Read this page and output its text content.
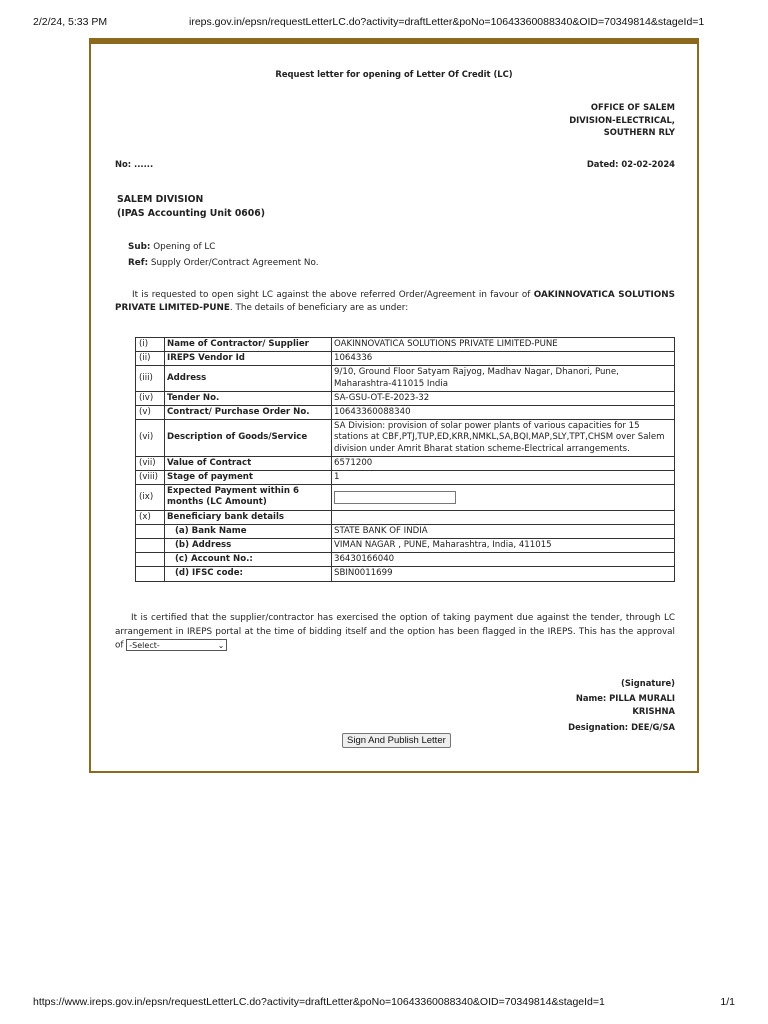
2/2/24, 5:33 PM	ireps.gov.in/epsn/requestLetterLC.do?activity=draftLetter&poNo=10643360088340&OID=70349814&stageId=1
Request letter for opening of Letter Of Credit (LC)
OFFICE OF SALEM
DIVISION-ELECTRICAL,
SOUTHERN RLY
No: ......	Dated: 02-02-2024
SALEM DIVISION
(IPAS Accounting Unit 0606)
Sub: Opening of LC
Ref: Supply Order/Contract Agreement No.
It is requested to open sight LC against the above referred Order/Agreement in favour of OAKINNOVATICA SOLUTIONS PRIVATE LIMITED-PUNE. The details of beneficiary are as under:
(i)	Name of Contractor/ Supplier	OAKINNOVATICA SOLUTIONS PRIVATE LIMITED-PUNE
(ii)	IREPS Vendor Id	1064336
(iii)	Address	9/10, Ground Floor Satyam Rajyog, Madhav Nagar, Dhanori, Pune, Maharashtra-411015 India
(iv)	Tender No.	SA-GSU-OT-E-2023-32
(v)	Contract/ Purchase Order No.	10643360088340
(vi)	Description of Goods/Service	SA Division: provision of solar power plants of various capacities for 15 stations at CBF,PTJ,TUP,ED,KRR,NMKL,SA,BQI,MAP,SLY,TPT,CHSM over Salem division under Amrit Bharat station scheme-Electrical arrangements.
(vii)	Value of Contract	6571200
(viii)	Stage of payment	1
(ix)	Expected Payment within 6 months (LC Amount)	
(x)	Beneficiary bank details	
	(a) Bank Name	STATE BANK OF INDIA
	(b) Address	VIMAN NAGAR , PUNE, Maharashtra, India, 411015
	(c) Account No.:	36430166040
	(d) IFSC code:	SBIN0011699
It is certified that the supplier/contractor has exercised the option of taking payment due against the tender, through LC arrangement in IREPS portal at the time of bidding itself and the option has been flagged in the IREPS. This has the approval of -Select-	⌄
(Signature)
Name: PILLA MURALI
KRISHNA
Designation: DEE/G/SA
Sign And Publish Letter
https://www.ireps.gov.in/epsn/requestLetterLC.do?activity=draftLetter&poNo=10643360088340&OID=70349814&stageId=1	1/1
